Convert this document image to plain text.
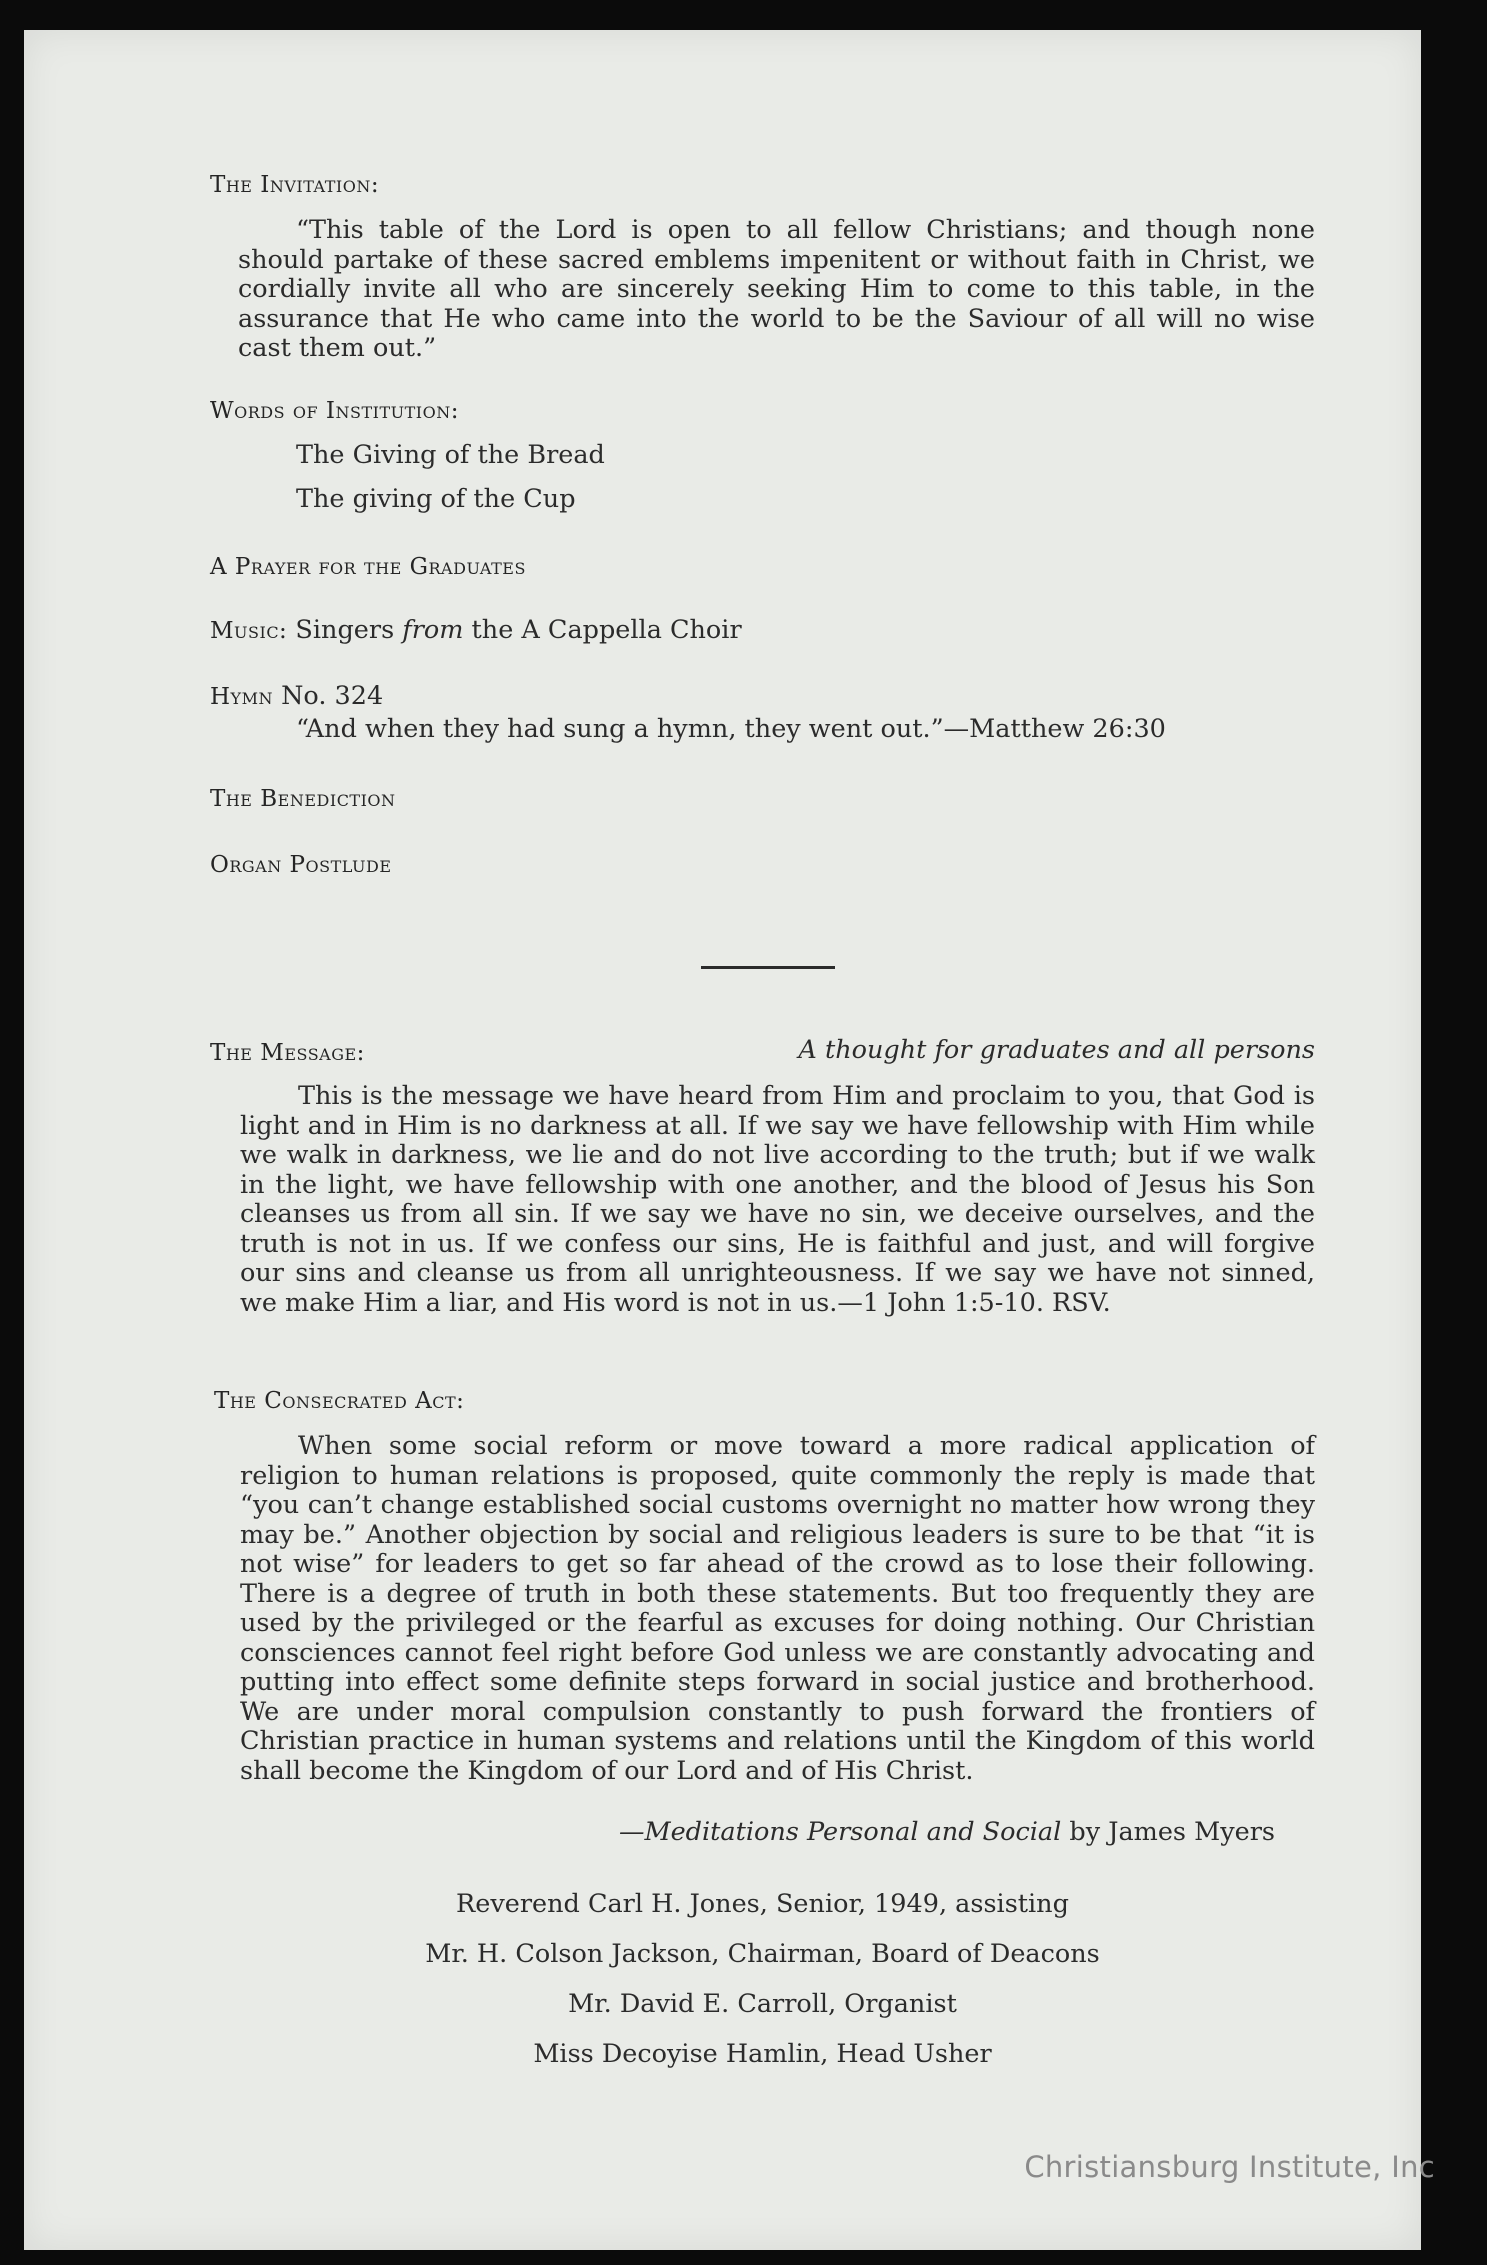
The Invitation:
“This table of the Lord is open to all fellow Christians; and though none should partake of these sacred emblems impenitent or without faith in Christ, we cordially invite all who are sincerely seeking Him to come to this table, in the assurance that He who came into the world to be the Saviour of all will no wise cast them out.”
Words of Institution:
The Giving of the Bread
The giving of the Cup
A Prayer for the Graduates
Music: Singers from the A Cappella Choir
Hymn No. 324
“And when they had sung a hymn, they went out.”—Matthew 26:30
The Benediction
Organ Postlude
The Message:	A thought for graduates and all persons
This is the message we have heard from Him and proclaim to you, that God is light and in Him is no darkness at all. If we say we have fellowship with Him while we walk in darkness, we lie and do not live according to the truth; but if we walk in the light, we have fellowship with one another, and the blood of Jesus his Son cleanses us from all sin. If we say we have no sin, we deceive ourselves, and the truth is not in us. If we confess our sins, He is faithful and just, and will forgive our sins and cleanse us from all unrighteousness. If we say we have not sinned, we make Him a liar, and His word is not in us.—1 John 1:5-10. RSV.
The Consecrated Act:
When some social reform or move toward a more radical application of religion to human relations is proposed, quite commonly the reply is made that “you can’t change established social customs overnight no matter how wrong they may be.” Another objection by social and religious leaders is sure to be that “it is not wise” for leaders to get so far ahead of the crowd as to lose their following. There is a degree of truth in both these statements. But too frequently they are used by the privileged or the fearful as excuses for doing nothing. Our Christian consciences cannot feel right before God unless we are constantly advocating and putting into effect some definite steps forward in social justice and brotherhood. We are under moral compulsion constantly to push forward the frontiers of Christian practice in human systems and relations until the Kingdom of this world shall become the Kingdom of our Lord and of His Christ.
—Meditations Personal and Social by James Myers
Reverend Carl H. Jones, Senior, 1949, assisting
Mr. H. Colson Jackson, Chairman, Board of Deacons
Mr. David E. Carroll, Organist
Miss Decoyise Hamlin, Head Usher
Christiansburg Institute, Inc
